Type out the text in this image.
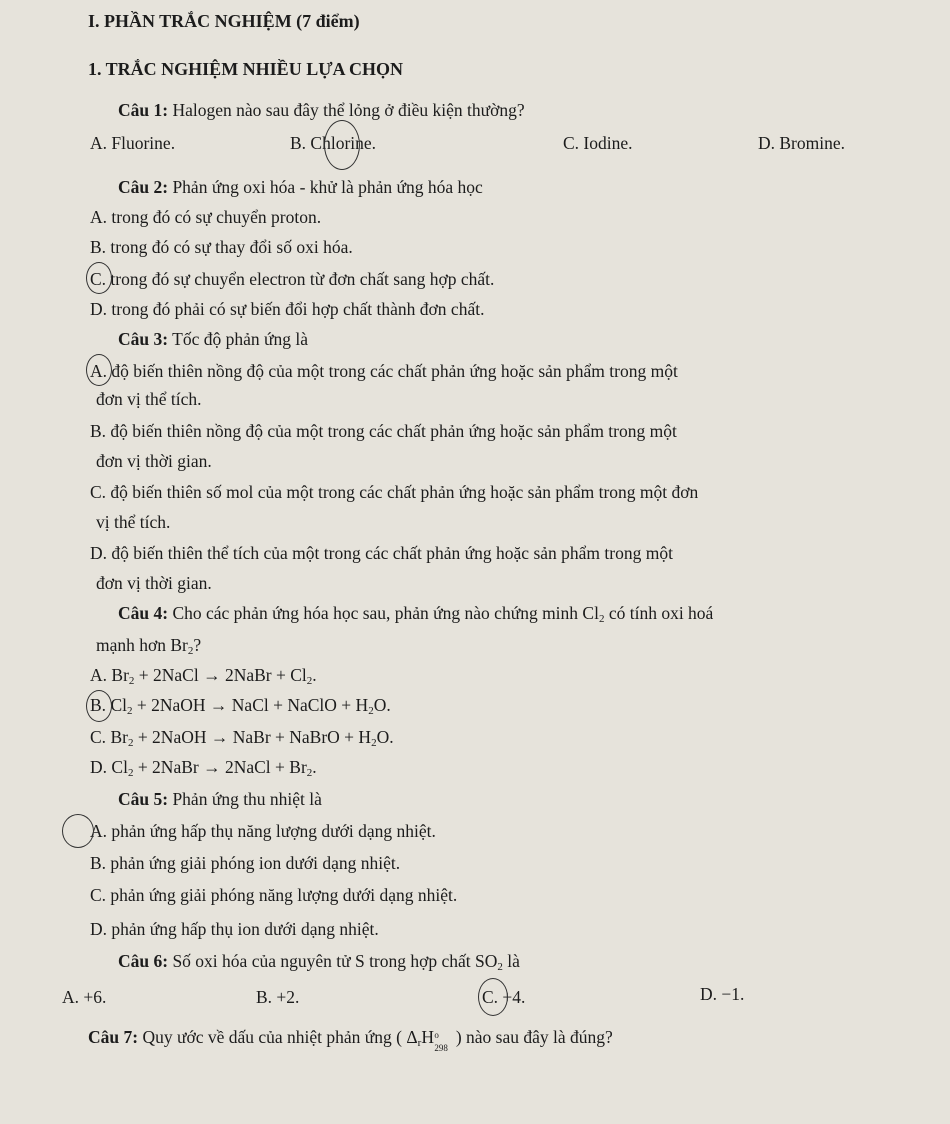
I. PHẦN TRẮC NGHIỆM (7 điểm)
1. TRẮC NGHIỆM NHIỀU LỰA CHỌN
Câu 1: Halogen nào sau đây thể lỏng ở điều kiện thường?
A. Fluorine.	B. Chlorine.	C. Iodine.	D. Bromine.
Câu 2: Phản ứng oxi hóa - khử là phản ứng hóa học
A. trong đó có sự chuyển proton.
B. trong đó có sự thay đổi số oxi hóa.
C. trong đó sự chuyển electron từ đơn chất sang hợp chất.
D. trong đó phải có sự biến đổi hợp chất thành đơn chất.
Câu 3: Tốc độ phản ứng là
A. độ biến thiên nồng độ của một trong các chất phản ứng hoặc sản phẩm trong một
đơn vị thể tích.
B. độ biến thiên nồng độ của một trong các chất phản ứng hoặc sản phẩm trong một
đơn vị thời gian.
C. độ biến thiên số mol của một trong các chất phản ứng hoặc sản phẩm trong một đơn
vị thể tích.
D. độ biến thiên thể tích của một trong các chất phản ứng hoặc sản phẩm trong một
đơn vị thời gian.
Câu 4: Cho các phản ứng hóa học sau, phản ứng nào chứng minh $Cl_2$ có tính oxi hoá
mạnh hơn $Br_2$?
A. $Br_2$ + 2NaCl → 2NaBr + $Cl_2$.
B. $Cl_2$ + 2NaOH → NaCl + NaClO + $H_2O$.
C. $Br_2$ + 2NaOH → NaBr + NaBrO + $H_2O$.
D. $Cl_2$ + 2NaBr → 2NaCl + $Br_2$.
Câu 5: Phản ứng thu nhiệt là
A. phản ứng hấp thụ năng lượng dưới dạng nhiệt.
B. phản ứng giải phóng ion dưới dạng nhiệt.
C. phản ứng giải phóng năng lượng dưới dạng nhiệt.
D. phản ứng hấp thụ ion dưới dạng nhiệt.
Câu 6: Số oxi hóa của nguyên tử S trong hợp chất $SO_2$ là
A. +6.	B. +2.	C. +4.	D. −1.
Câu 7: Quy ước về dấu của nhiệt phản ứng ( $\Delta_rH$ o
298
) nào sau đây là đúng?
